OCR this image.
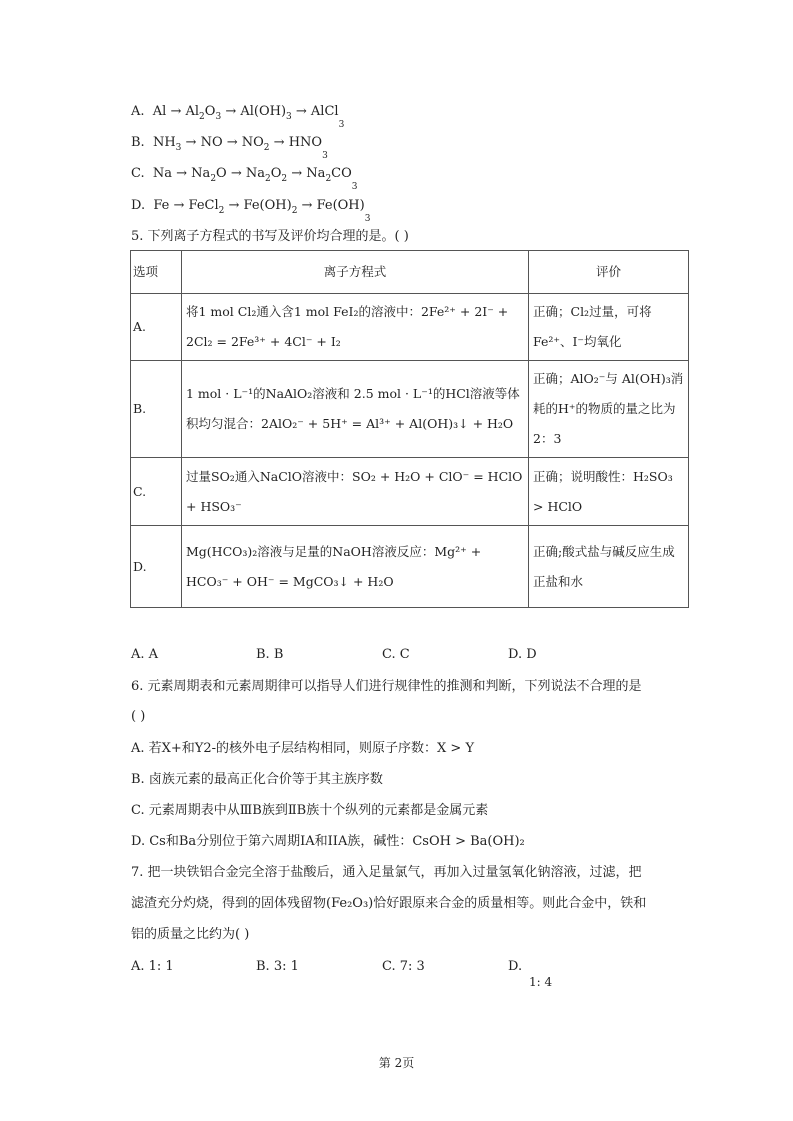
A. $Al \to Al_2O_3 \to Al(OH)_3$ → AlCl$_3$
B. $NH_3$ → NO → $NO_2 \to HNO_3$
C. $Na \to Na_2O \to Na_2O_2 \to Na_2CO_3$
D. Fe → FeCl$_2$ → $Fe(OH)_2 \to Fe(OH)_3$
5. 下列离子方程式的书写及评价均合理的是。( )
选项	离子方程式	评价
A.	将1 mol Cl₂通入含1 mol FeI₂的溶液中：2Fe²⁺ + 2I⁻ + 2Cl₂ = 2Fe³⁺ + 4Cl⁻ + I₂	正确；Cl₂过量，可将 Fe²⁺、I⁻均氧化
B.	1 mol · L⁻¹的NaAlO₂溶液和 2.5 mol · L⁻¹的HCl溶液等体积均匀混合：2AlO₂⁻ + 5H⁺ = Al³⁺ + Al(OH)₃↓ + H₂O	正确；AlO₂⁻与 Al(OH)₃消耗的H⁺的物质的量之比为 2：3
C.	过量SO₂通入NaClO溶液中：SO₂ + H₂O + ClO⁻ = HClO + HSO₃⁻	正确；说明酸性：H₂SO₃ > HClO
D.	Mg(HCO₃)₂溶液与足量的NaOH溶液反应：Mg²⁺ + HCO₃⁻ + OH⁻ = MgCO₃↓ + H₂O	正确;酸式盐与碱反应生成正盐和水
A. A	B. B	C. C	D. D
6. 元素周期表和元素周期律可以指导人们进行规律性的推测和判断，下列说法不合理的是
( )
A. 若X+和Y2-的核外电子层结构相同，则原子序数：X > Y
B. 卤族元素的最高正化合价等于其主族序数
C. 元素周期表中从ⅢB族到ⅡB族十个纵列的元素都是金属元素
D. Cs和Ba分别位于第六周期IA和IIA族，碱性：CsOH > Ba(OH)₂
7. 把一块铁铝合金完全溶于盐酸后，通入足量氯气，再加入过量氢氧化钠溶液，过滤，把
滤渣充分灼烧，得到的固体残留物(Fe₂O₃)恰好跟原来合金的质量相等。则此合金中，铁和
铝的质量之比约为( )
A. 1: 1	B. 3: 1	C. 7: 3	D.
1: 4
第 2页
